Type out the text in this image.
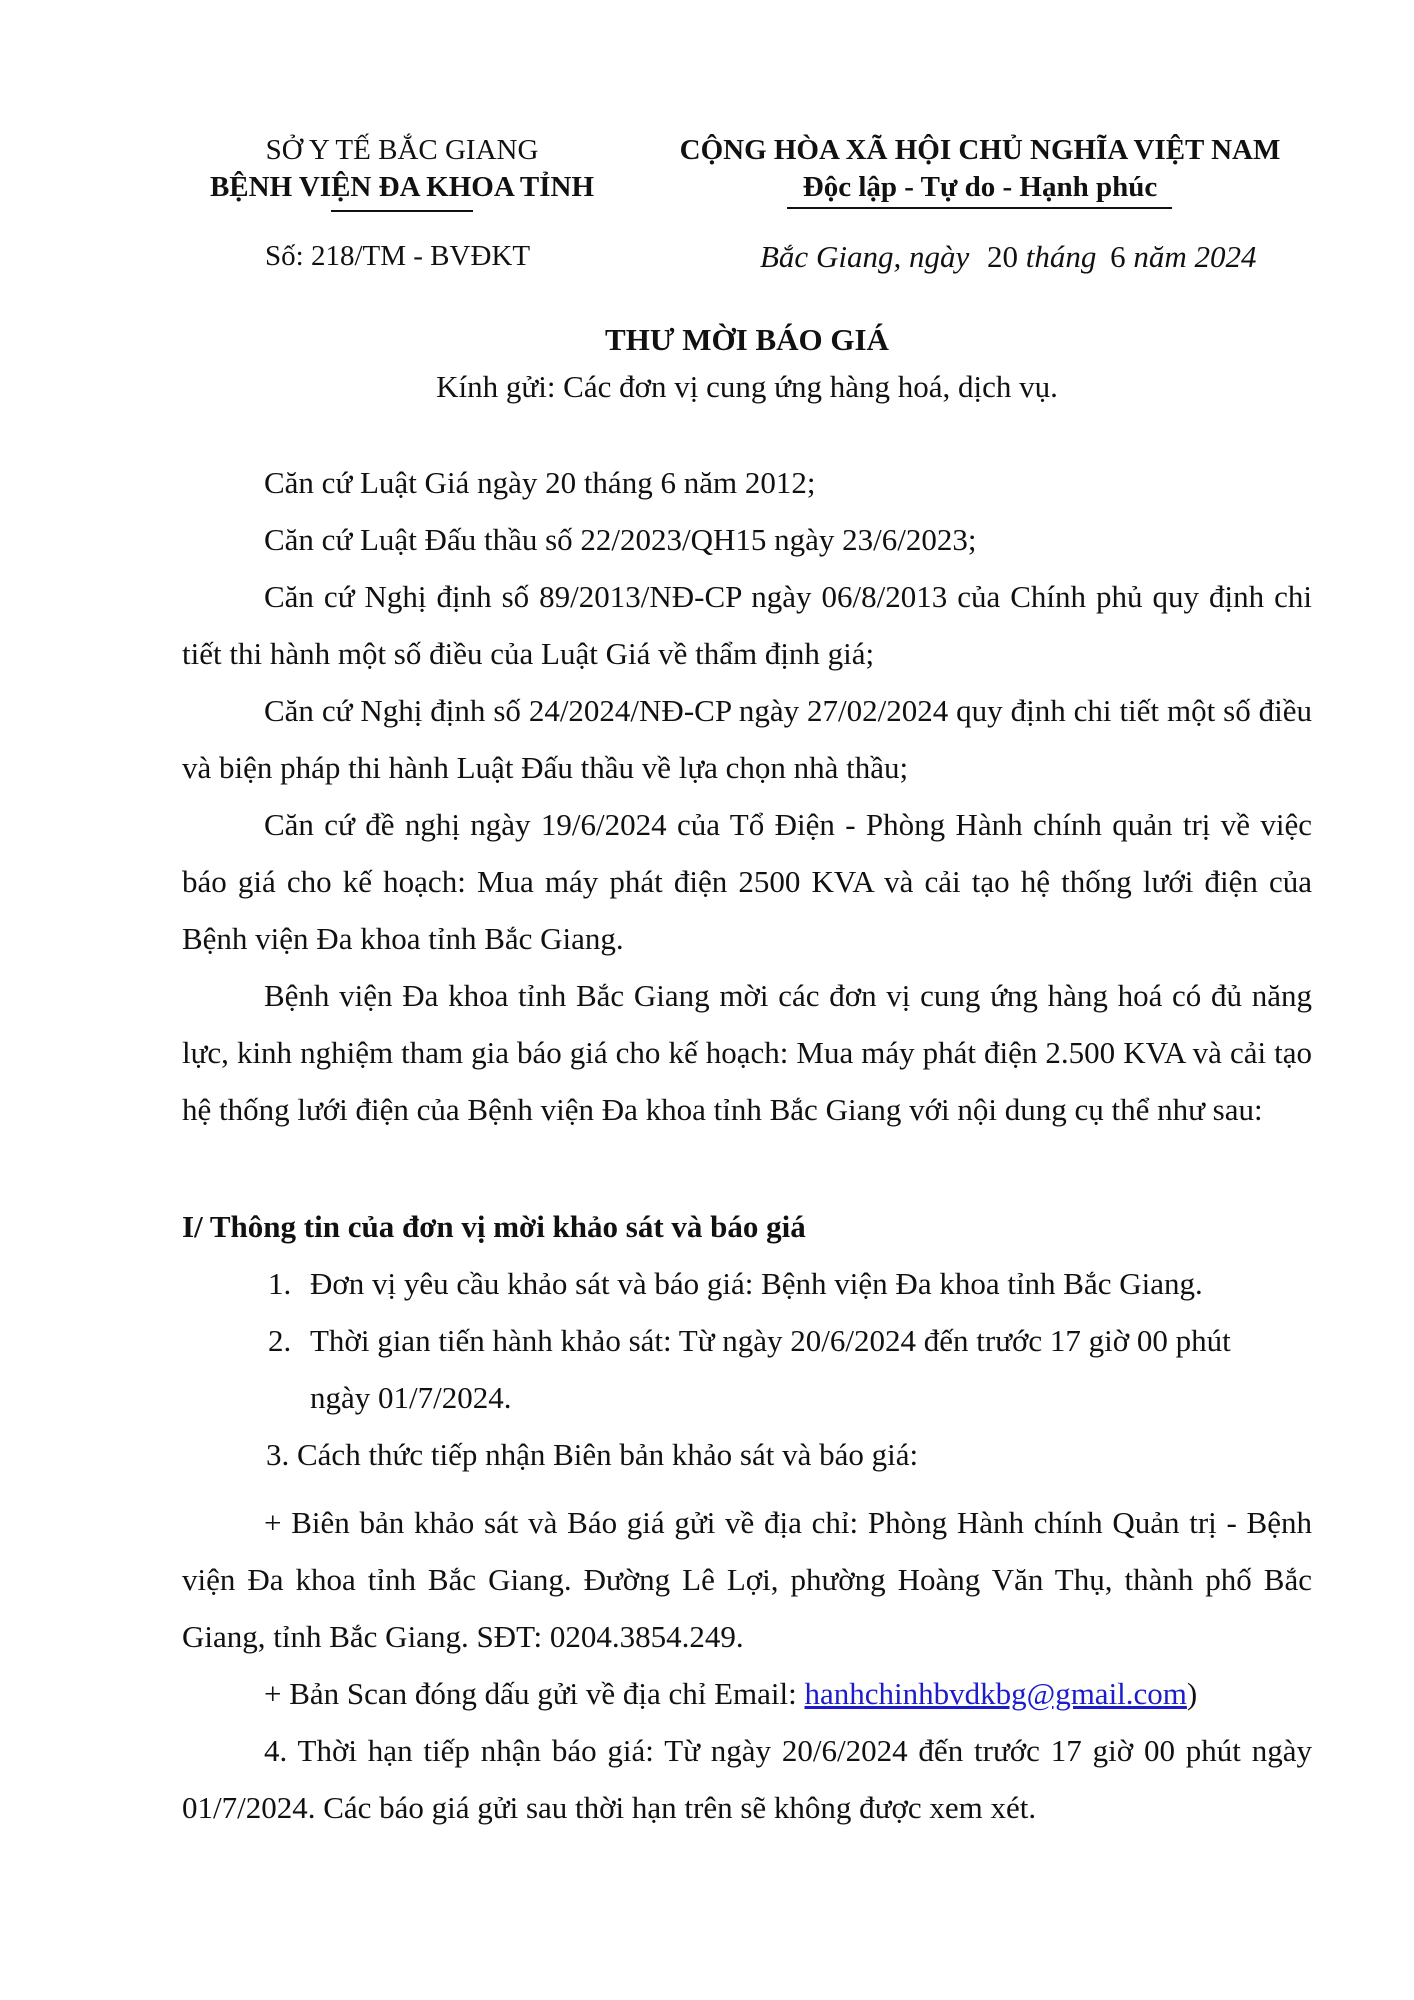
SỞ Y TẾ BẮC GIANG
BỆNH VIỆN ĐA KHOA TỈNH
Số: 218/TM - BVĐKT
CỘNG HÒA XÃ HỘI CHỦ NGHĨA VIỆT NAM
Độc lập - Tự do - Hạnh phúc
Bắc Giang, ngày 20 tháng 6 năm 2024
THƯ MỜI BÁO GIÁ
Kính gửi: Các đơn vị cung ứng hàng hoá, dịch vụ.
Căn cứ Luật Giá ngày 20 tháng 6 năm 2012;
Căn cứ Luật Đấu thầu số 22/2023/QH15 ngày 23/6/2023;
Căn cứ Nghị định số 89/2013/NĐ-CP ngày 06/8/2013 của Chính phủ quy định chi tiết thi hành một số điều của Luật Giá về thẩm định giá;
Căn cứ Nghị định số 24/2024/NĐ-CP ngày 27/02/2024 quy định chi tiết một số điều và biện pháp thi hành Luật Đấu thầu về lựa chọn nhà thầu;
Căn cứ đề nghị ngày 19/6/2024 của Tổ Điện - Phòng Hành chính quản trị về việc báo giá cho kế hoạch: Mua máy phát điện 2500 KVA và cải tạo hệ thống lưới điện của Bệnh viện Đa khoa tỉnh Bắc Giang.
Bệnh viện Đa khoa tỉnh Bắc Giang mời các đơn vị cung ứng hàng hoá có đủ năng lực, kinh nghiệm tham gia báo giá cho kế hoạch: Mua máy phát điện 2.500 KVA và cải tạo hệ thống lưới điện của Bệnh viện Đa khoa tỉnh Bắc Giang với nội dung cụ thể như sau:
I/ Thông tin của đơn vị mời khảo sát và báo giá
1. Đơn vị yêu cầu khảo sát và báo giá: Bệnh viện Đa khoa tỉnh Bắc Giang.
2. Thời gian tiến hành khảo sát: Từ ngày 20/6/2024 đến trước 17 giờ 00 phút
ngày 01/7/2024.
3. Cách thức tiếp nhận Biên bản khảo sát và báo giá:
+ Biên bản khảo sát và Báo giá gửi về địa chỉ: Phòng Hành chính Quản trị - Bệnh viện Đa khoa tỉnh Bắc Giang. Đường Lê Lợi, phường Hoàng Văn Thụ, thành phố Bắc Giang, tỉnh Bắc Giang. SĐT: 0204.3854.249.
+ Bản Scan đóng dấu gửi về địa chỉ Email: hanhchinhbvdkbg@gmail.com)
4. Thời hạn tiếp nhận báo giá: Từ ngày 20/6/2024 đến trước 17 giờ 00 phút ngày 01/7/2024. Các báo giá gửi sau thời hạn trên sẽ không được xem xét.
